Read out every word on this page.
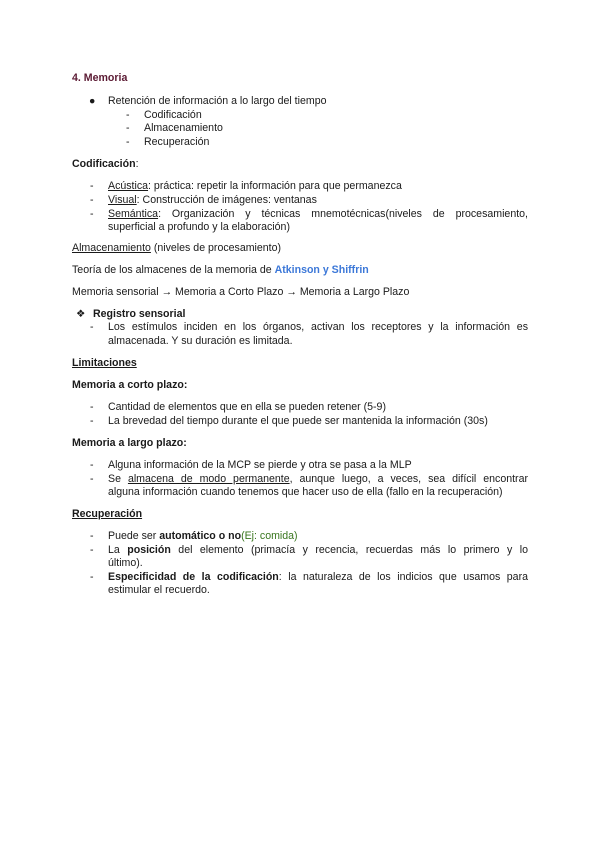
4. Memoria
● Retención de información a lo largo del tiempo
- Codificación
- Almacenamiento
- Recuperación
Codificación:
- Acústica: práctica: repetir la información para que permanezca
- Visual: Construcción de imágenes: ventanas
- Semántica: Organización y técnicas mnemotécnicas(niveles de procesamiento,
superficial a profundo y la elaboración)
Almacenamiento (niveles de procesamiento)
Teoría de los almacenes de la memoria de Atkinson y Shiffrin
Memoria sensorial → Memoria a Corto Plazo → Memoria a Largo Plazo
❖ Registro sensorial
- Los estímulos inciden en los órganos, activan los receptores y la información es
almacenada. Y su duración es limitada.
Limitaciones
Memoria a corto plazo:
- Cantidad de elementos que en ella se pueden retener (5-9)
- La brevedad del tiempo durante el que puede ser mantenida la información (30s)
Memoria a largo plazo:
- Alguna información de la MCP se pierde y otra se pasa a la MLP
- Se almacena de modo permanente, aunque luego, a veces, sea difícil encontrar
alguna información cuando tenemos que hacer uso de ella (fallo en la recuperación)
Recuperación
- Puede ser automático o no(Ej: comida)
- La posición del elemento (primacía y recencia, recuerdas más lo primero y lo
último).
- Especificidad de la codificación: la naturaleza de los indicios que usamos para
estimular el recuerdo.
